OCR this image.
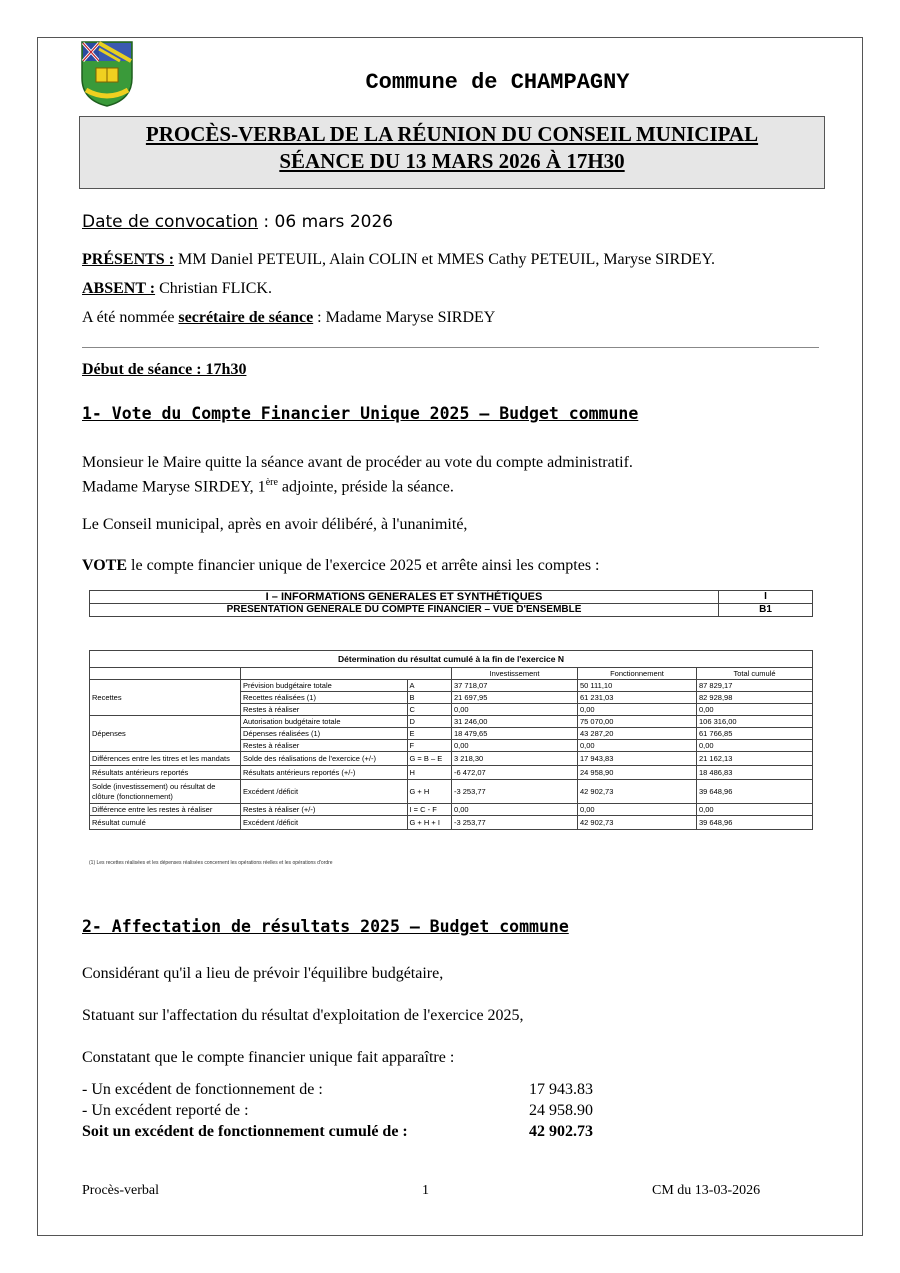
Commune de CHAMPAGNY
PROCÈS-VERBAL DE LA RÉUNION DU CONSEIL MUNICIPAL
SÉANCE DU 13 MARS 2026 À 17H30
Date de convocation : 06 mars 2026
PRÉSENTS : MM Daniel PETEUIL, Alain COLIN et MMES Cathy PETEUIL, Maryse SIRDEY.
ABSENT : Christian FLICK.
A été nommée secrétaire de séance : Madame Maryse SIRDEY
Début de séance : 17h30
1- Vote du Compte Financier Unique 2025 – Budget commune
Monsieur le Maire quitte la séance avant de procéder au vote du compte administratif.
Madame Maryse SIRDEY, 1ère adjointe, préside la séance.
Le Conseil municipal, après en avoir délibéré, à l'unanimité,
VOTE le compte financier unique de l'exercice 2025 et arrête ainsi les comptes :
I – INFORMATIONS GENERALES ET SYNTHÉTIQUES	I
PRESENTATION GENERALE DU COMPTE FINANCIER – VUE D'ENSEMBLE	B1
Détermination du résultat cumulé à la fin de l'exercice N					
			Investissement	Fonctionnement	Total cumulé
Recettes	Prévision budgétaire totale	A	37 718,07	50 111,10	87 829,17
	Recettes réalisées (1)	B	21 697,95	61 231,03	82 928,98
	Restes à réaliser	C	0,00	0,00	0,00
Dépenses	Autorisation budgétaire totale	D	31 246,00	75 070,00	106 316,00
	Dépenses réalisées (1)	E	18 479,65	43 287,20	61 766,85
	Restes à réaliser	F	0,00	0,00	0,00
Différences entre les titres et les mandats	Solde des réalisations de l'exercice (+/-)	G = B – E	3 218,30	17 943,83	21 162,13
Résultats antérieurs reportés	Résultats antérieurs reportés (+/-)	H	-6 472,07	24 958,90	18 486,83
Solde (investissement) ou résultat de clôture (fonctionnement)	Excédent /déficit	G + H	-3 253,77	42 902,73	39 648,96
Différence entre les restes à réaliser	Restes à réaliser (+/-)	I = C - F	0,00	0,00	0,00
Résultat cumulé	Excédent /déficit	G + H + I	-3 253,77	42 902,73	39 648,96
(1) Les recettes réalisées et les dépenses réalisées concernent les opérations réelles et les opérations d'ordre
2- Affectation de résultats 2025 – Budget commune
Considérant qu'il a lieu de prévoir l'équilibre budgétaire,
Statuant sur l'affectation du résultat d'exploitation de l'exercice 2025,
Constatant que le compte financier unique fait apparaître :
- Un excédent de fonctionnement de :	17 943.83
- Un excédent reporté de :	24 958.90
Soit un excédent de fonctionnement cumulé de :	42 902.73
Procès-verbal	1	CM du 13-03-2026
